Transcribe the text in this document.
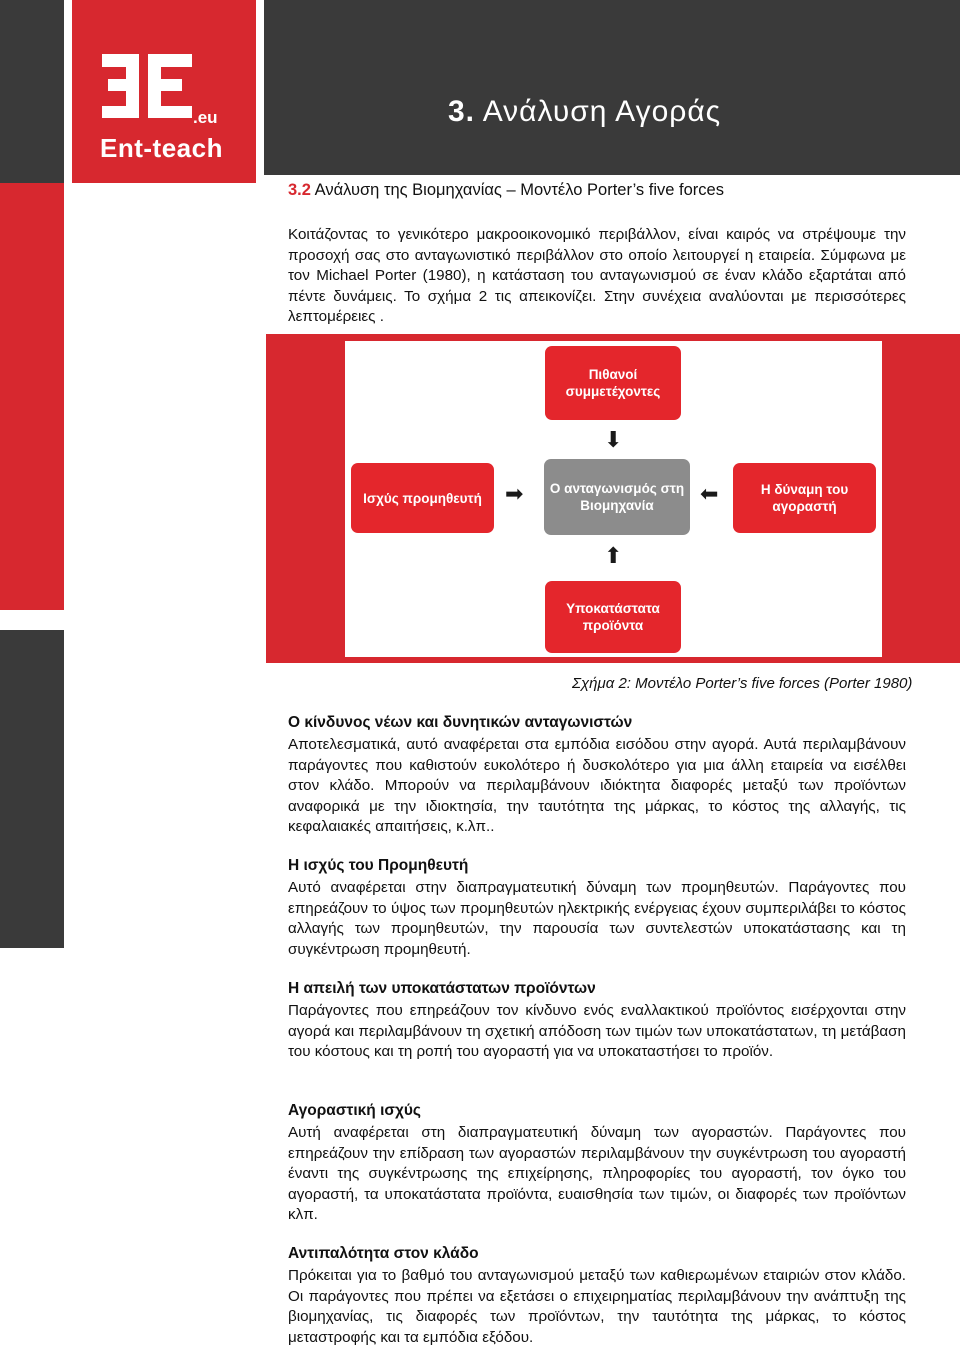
.eu
Ent-teach
3. Ανάλυση Αγοράς
3.2 Ανάλυση της Βιομηχανίας – Μοντέλο Porter’s five forces

Κοιτάζοντας το γενικότερο μακροοικονομικό περιβάλλον, είναι καιρός να στρέψουμε την προσοχή σας στο ανταγωνιστικό περιβάλλον στο οποίο λειτουργεί η εταιρεία. Σύμφωνα με τον Michael Porter (1980), η κατάσταση του ανταγωνισμού σε έναν κλάδο εξαρτάται από πέντε δυνάμεις. Το σχήμα 2 τις απεικονίζει. Στην συνέχεια αναλύονται με περισσότερες λεπτομέρειες .

Πιθανοί συμμετέχοντες
⬇
Ισχύς προμηθευτή	➡	Ο ανταγωνισμός στη Βιομηχανία	⬅	Η δύναμη του αγοραστή
⬆
Υποκατάστατα προϊόντα
Σχήμα 2: Μοντέλο Porter’s five forces (Porter 1980)
Ο κίνδυνος νέων και δυνητικών ανταγωνιστών

Αποτελεσματικά, αυτό αναφέρεται στα εμπόδια εισόδου στην αγορά. Αυτά περιλαμβάνουν παράγοντες που καθιστούν ευκολότερο ή δυσκολότερο για μια άλλη εταιρεία να εισέλθει στον κλάδο. Μπορούν να περιλαμβάνουν ιδιόκτητα διαφορές μεταξύ των προϊόντων αναφορικά με την ιδιοκτησία, την ταυτότητα της μάρκας, το κόστος της αλλαγής, τις κεφαλαιακές απαιτήσεις, κ.λπ..

Η ισχύς του Προμηθευτή

Αυτό αναφέρεται στην διαπραγματευτική δύναμη των προμηθευτών. Παράγοντες που επηρεάζουν το ύψος των προμηθευτών ηλεκτρικής ενέργειας έχουν συμπεριλάβει το κόστος αλλαγής των προμηθευτών, την παρουσία των συντελεστών υποκατάστασης και τη συγκέντρωση προμηθευτή.

Η απειλή των υποκατάστατων προϊόντων

Παράγοντες που επηρεάζουν τον κίνδυνο ενός εναλλακτικού προϊόντος εισέρχονται στην αγορά και περιλαμβάνουν τη σχετική απόδοση των τιμών των υποκατάστατων, τη μετάβαση του κόστους και τη ροπή του αγοραστή για να υποκαταστήσει το προϊόν.

Αγοραστική ισχύς

Αυτή αναφέρεται στη διαπραγματευτική δύναμη των αγοραστών. Παράγοντες που επηρεάζουν την επίδραση των αγοραστών περιλαμβάνουν την συγκέντρωση του αγοραστή έναντι της συγκέντρωσης της επιχείρησης, πληροφορίες του αγοραστή, τον όγκο του αγοραστή, τα υποκατάστατα προϊόντα, ευαισθησία των τιμών, οι διαφορές των προϊόντων κλπ.

Αντιπαλότητα στον κλάδο

Πρόκειται για το βαθμό του ανταγωνισμού μεταξύ των καθιερωμένων εταιριών στον κλάδο. Οι παράγοντες που πρέπει να εξετάσει ο επιχειρηματίας περιλαμβάνουν την ανάπτυξη της βιομηχανίας, τις διαφορές των προϊόντων, την ταυτότητα της μάρκας, το κόστος μεταστροφής και τα εμπόδια εξόδου.
